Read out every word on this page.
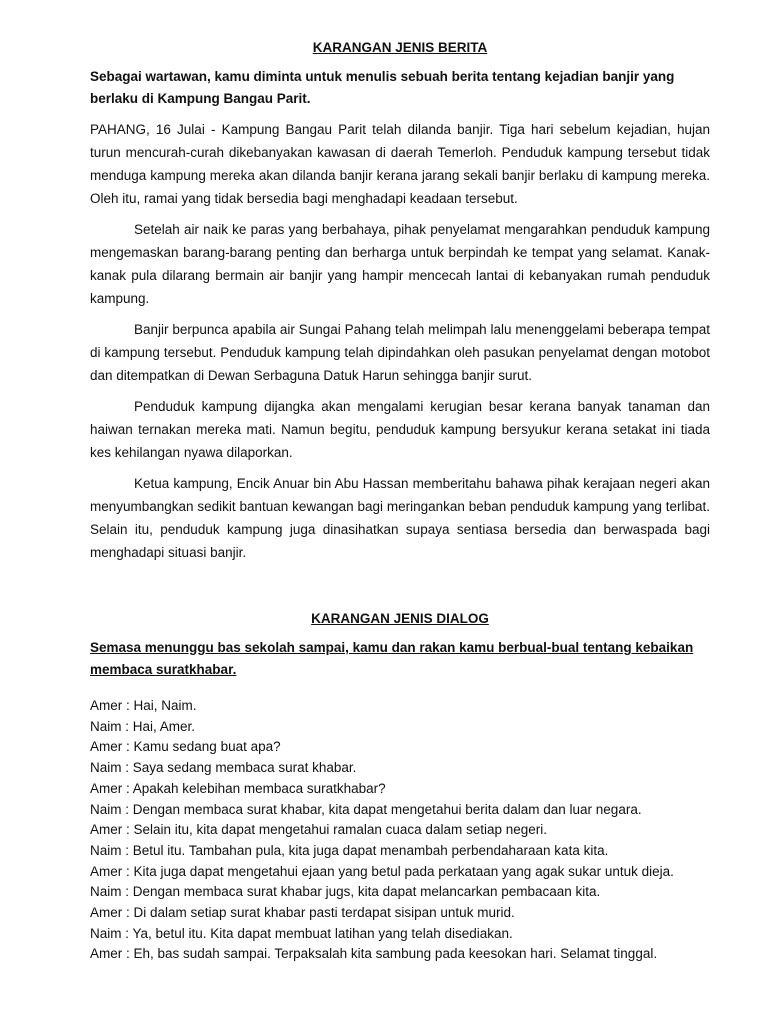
KARANGAN JENIS BERITA
Sebagai wartawan, kamu diminta untuk menulis sebuah berita tentang kejadian banjir yang berlaku di Kampung Bangau Parit.
PAHANG, 16 Julai - Kampung Bangau Parit telah dilanda banjir. Tiga hari sebelum kejadian, hujan turun mencurah-curah dikebanyakan kawasan di daerah Temerloh. Penduduk kampung tersebut tidak menduga kampung mereka akan dilanda banjir kerana jarang sekali banjir berlaku di kampung mereka. Oleh itu, ramai yang tidak bersedia bagi menghadapi keadaan tersebut.
Setelah air naik ke paras yang berbahaya, pihak penyelamat mengarahkan penduduk kampung mengemaskan barang-barang penting dan berharga untuk berpindah ke tempat yang selamat. Kanak-kanak pula dilarang bermain air banjir yang hampir mencecah lantai di kebanyakan rumah penduduk kampung.
Banjir berpunca apabila air Sungai Pahang telah melimpah lalu menenggelami beberapa tempat di kampung tersebut. Penduduk kampung telah dipindahkan oleh pasukan penyelamat dengan motobot dan ditempatkan di Dewan Serbaguna Datuk Harun sehingga banjir surut.
Penduduk kampung dijangka akan mengalami kerugian besar kerana banyak tanaman dan haiwan ternakan mereka mati. Namun begitu, penduduk kampung bersyukur kerana setakat ini tiada kes kehilangan nyawa dilaporkan.
Ketua kampung, Encik Anuar bin Abu Hassan memberitahu bahawa pihak kerajaan negeri akan menyumbangkan sedikit bantuan kewangan bagi meringankan beban penduduk kampung yang terlibat. Selain itu, penduduk kampung juga dinasihatkan supaya sentiasa bersedia dan berwaspada bagi menghadapi situasi banjir.
KARANGAN JENIS DIALOG
Semasa menunggu bas sekolah sampai, kamu dan rakan kamu berbual-bual tentang kebaikan membaca suratkhabar.
Amer : Hai, Naim.
Naim : Hai, Amer.
Amer : Kamu sedang buat apa?
Naim : Saya sedang membaca surat khabar.
Amer : Apakah kelebihan membaca suratkhabar?
Naim : Dengan membaca surat khabar, kita dapat mengetahui berita dalam dan luar negara.
Amer : Selain itu, kita dapat mengetahui ramalan cuaca dalam setiap negeri.
Naim : Betul itu. Tambahan pula, kita juga dapat menambah perbendaharaan kata kita.
Amer : Kita juga dapat mengetahui ejaan yang betul pada perkataan yang agak sukar untuk dieja.
Naim : Dengan membaca surat khabar jugs, kita dapat melancarkan pembacaan kita.
Amer : Di dalam setiap surat khabar pasti terdapat sisipan untuk murid.
Naim : Ya, betul itu. Kita dapat membuat latihan yang telah disediakan.
Amer : Eh, bas sudah sampai. Terpaksalah kita sambung pada keesokan hari. Selamat tinggal.
